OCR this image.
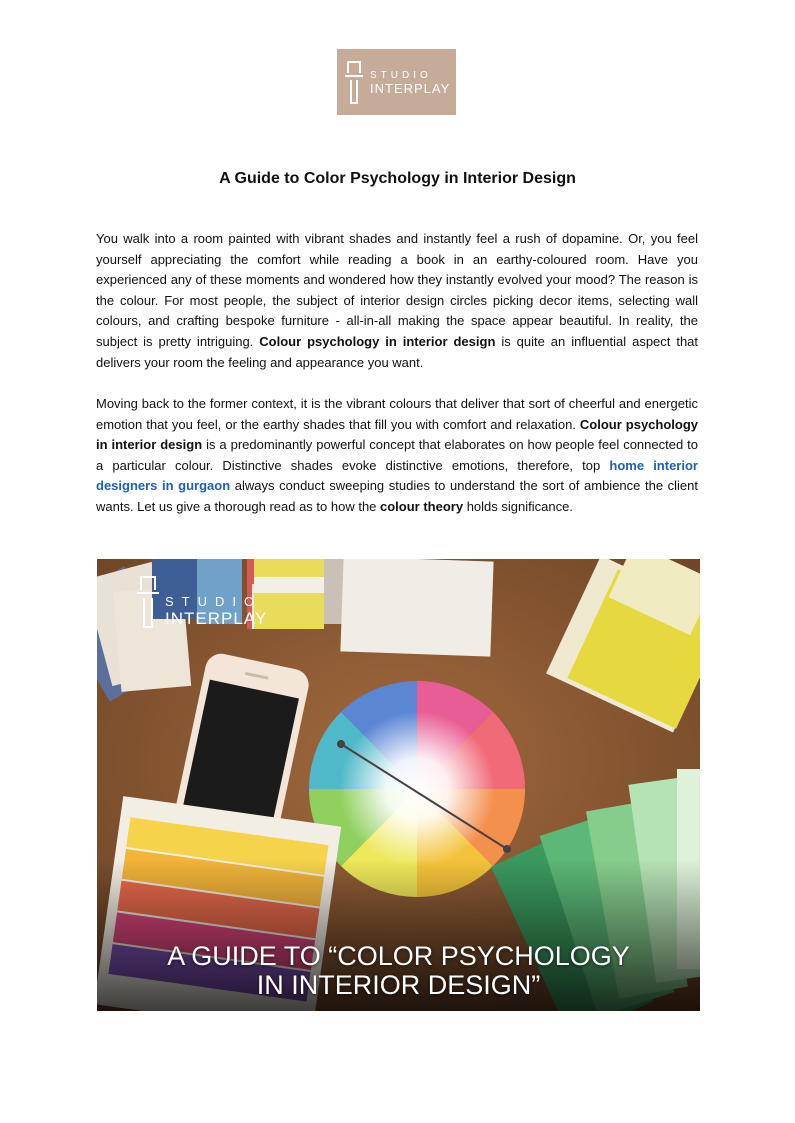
STUDIO
INTERPLAY
A Guide to Color Psychology in Interior Design

You walk into a room painted with vibrant shades and instantly feel a rush of dopamine. Or, you feel yourself appreciating the comfort while reading a book in an earthy-coloured room. Have you experienced any of these moments and wondered how they instantly evolved your mood? The reason is the colour. For most people, the subject of interior design circles picking decor items, selecting wall colours, and crafting bespoke furniture - all-in-all making the space appear beautiful. In reality, the subject is pretty intriguing. Colour psychology in interior design is quite an influential aspect that delivers your room the feeling and appearance you want.

Moving back to the former context, it is the vibrant colours that deliver that sort of cheerful and energetic emotion that you feel, or the earthy shades that fill you with comfort and relaxation. Colour psychology in interior design is a predominantly powerful concept that elaborates on how people feel connected to a particular colour. Distinctive shades evoke distinctive emotions, therefore, top home interior designers in gurgaon always conduct sweeping studies to understand the sort of ambience the client wants. Let us give a thorough read as to how the colour theory holds significance.

STUDIO
INTERPLAY
A GUIDE TO “COLOR PSYCHOLOGY
IN INTERIOR DESIGN”
